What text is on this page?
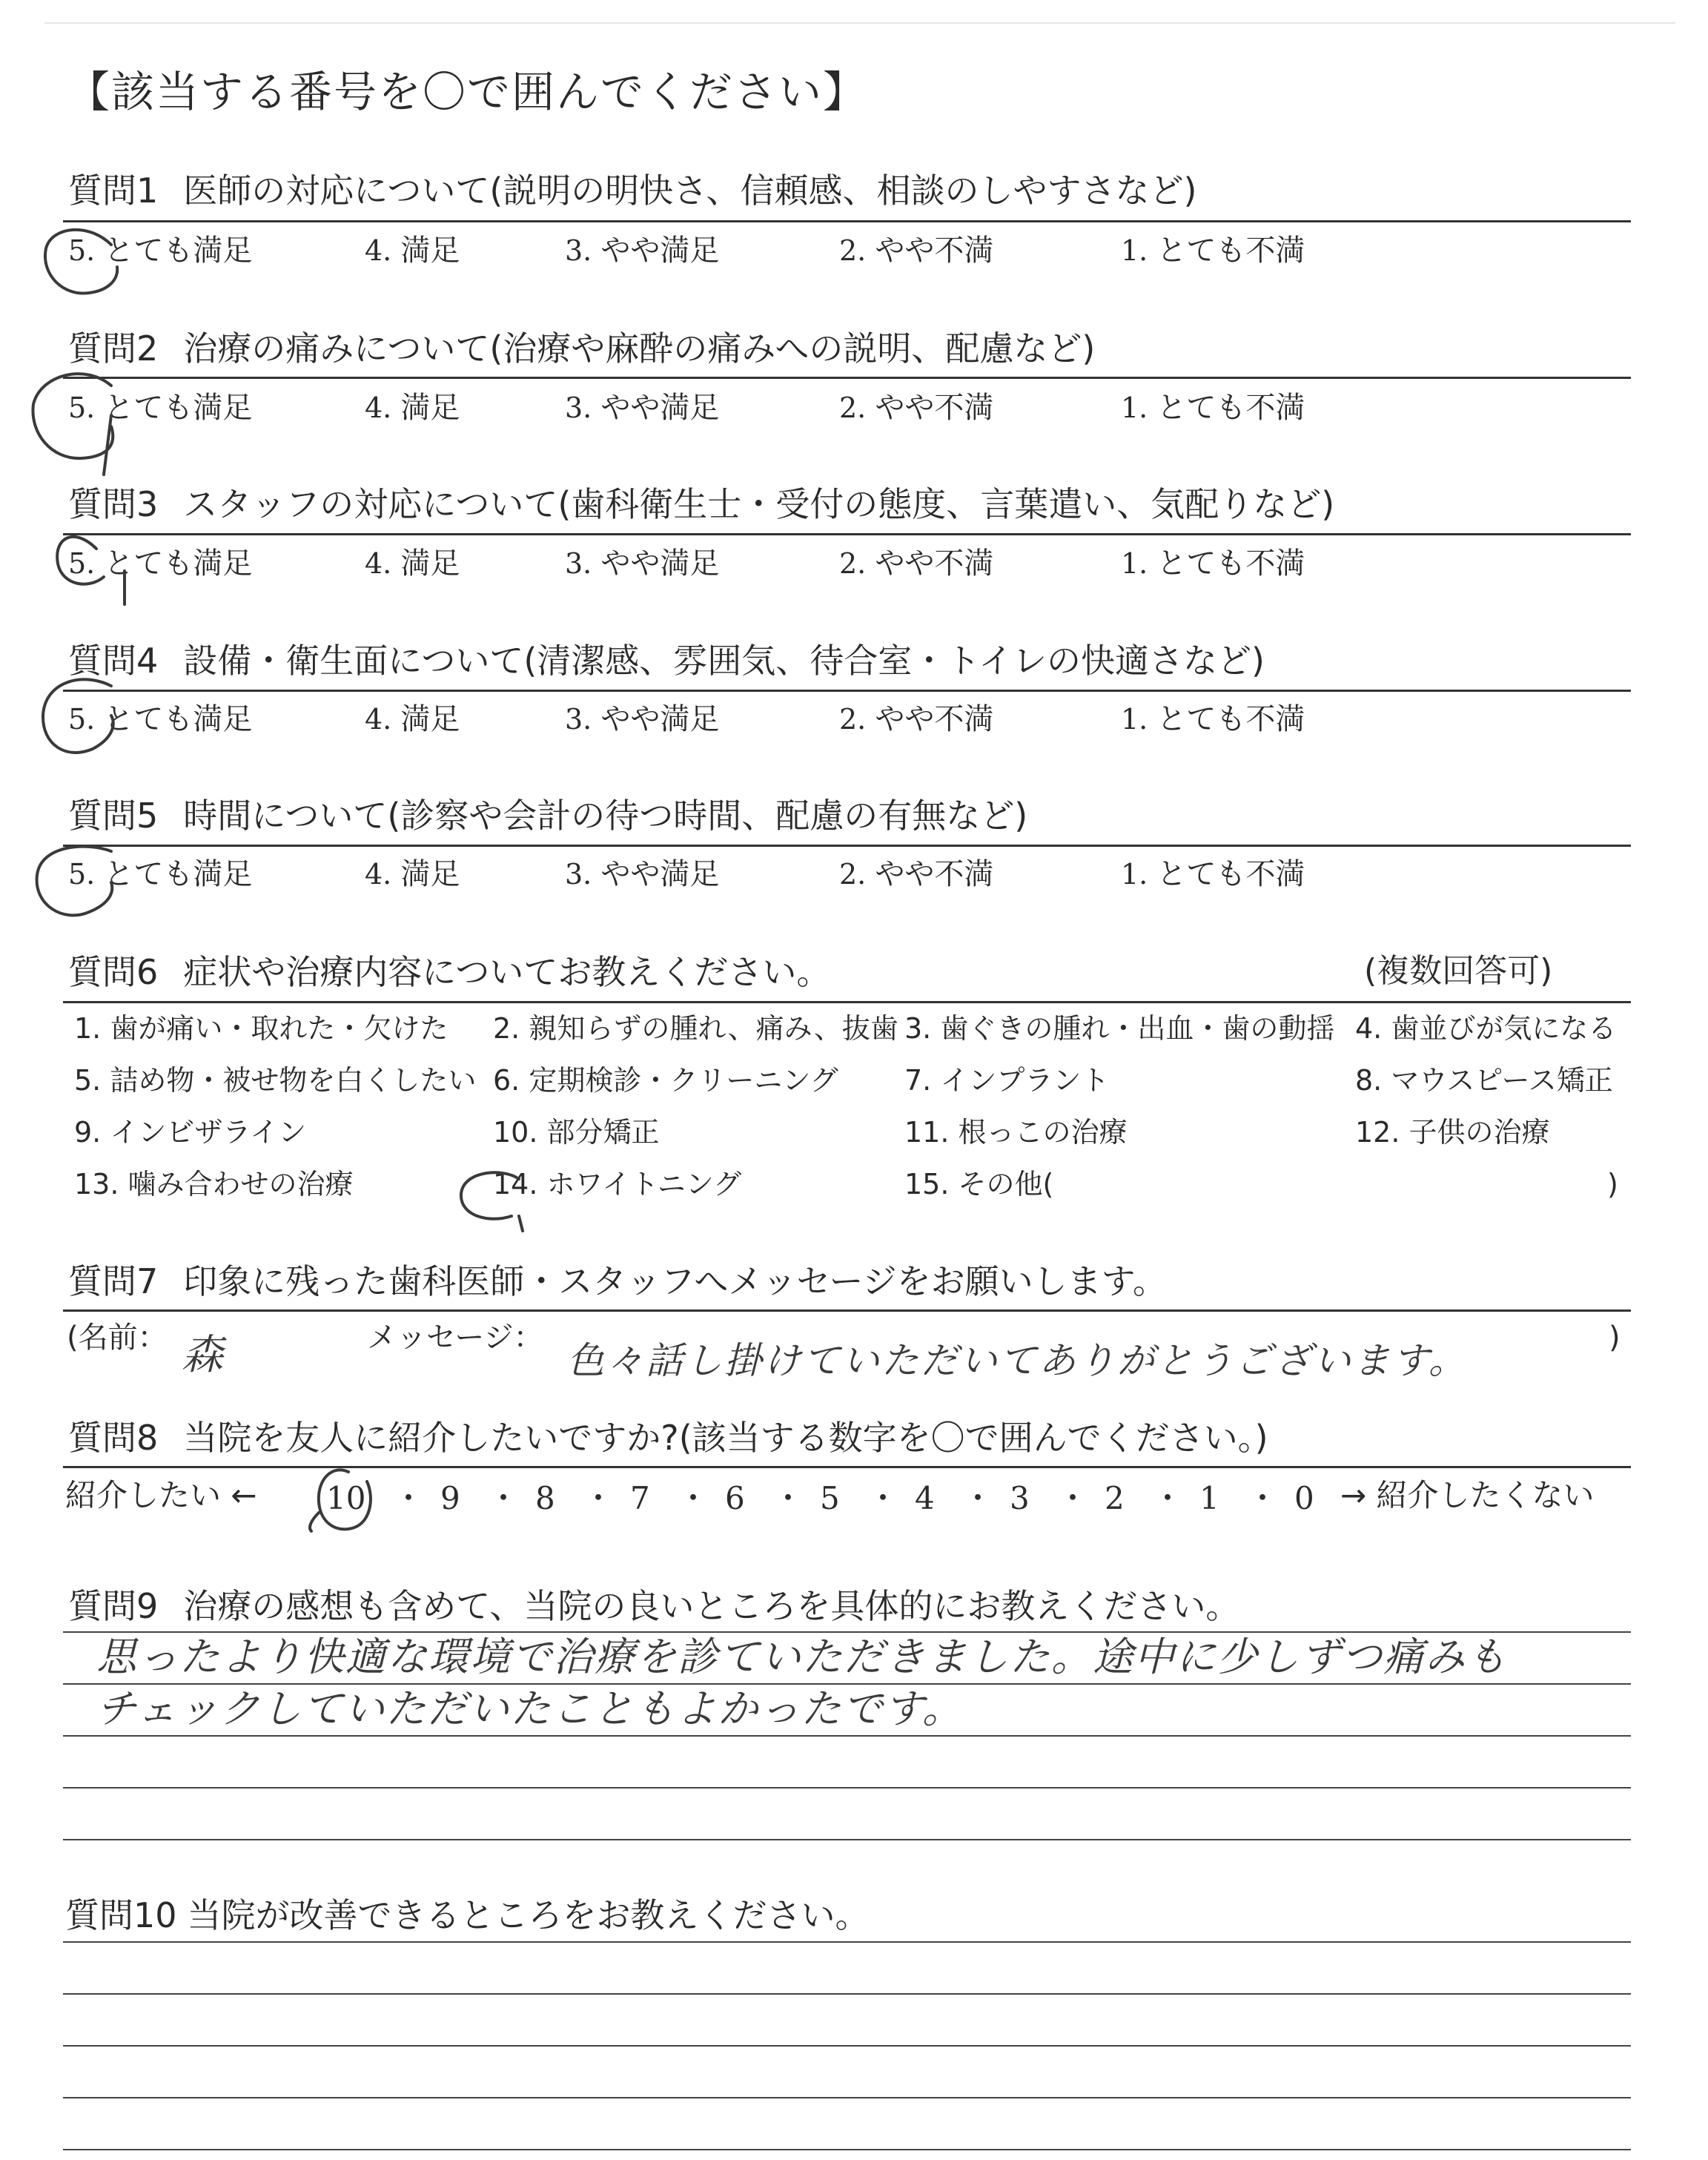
【該当する番号を〇で囲んでください】
質問1 医師の対応について(説明の明快さ、信頼感、相談のしやすさなど)
5. とても満足	4. 満足	3. やや満足	2. やや不満	1. とても不満
質問2 治療の痛みについて(治療や麻酔の痛みへの説明、配慮など)
5. とても満足	4. 満足	3. やや満足	2. やや不満	1. とても不満
質問3 スタッフの対応について(歯科衛生士・受付の態度、言葉遣い、気配りなど)
5. とても満足	4. 満足	3. やや満足	2. やや不満	1. とても不満
質問4 設備・衛生面について(清潔感、雰囲気、待合室・トイレの快適さなど)
5. とても満足	4. 満足	3. やや満足	2. やや不満	1. とても不満
質問5 時間について(診察や会計の待つ時間、配慮の有無など)
5. とても満足	4. 満足	3. やや満足	2. やや不満	1. とても不満
質問6 症状や治療内容についてお教えください。	(複数回答可)
1. 歯が痛い・取れた・欠けた 2. 親知らずの腫れ、痛み、抜歯 3. 歯ぐきの腫れ・出血・歯の動揺 4. 歯並びが気になる
5. 詰め物・被せ物を白くしたい 6. 定期検診・クリーニング 7. インプラント	8. マウスピース矯正
9. インビザライン	10. 部分矯正	11. 根っこの治療	12. 子供の治療
13. 噛み合わせの治療	14. ホワイトニング	15. その他(	)
質問7 印象に残った歯科医師・スタッフへメッセージをお願いします。
(名前： 森	メッセージ：
色々話し掛けていただいてありがとうございます。
)
質問8 当院を友人に紹介したいですか?(該当する数字を〇で囲んでください。)
紹介したい ← 10 ・ 9 ・ 8 ・ 7 ・ 6 ・ 5 ・ 4 ・ 3 ・ 2 ・ 1 ・ 0 → 紹介したくない
質問9 治療の感想も含めて、当院の良いところを具体的にお教えください。
思ったより快適な環境で治療を診ていただきました。途中に少しずつ痛みも
チェックしていただいたこともよかったです。
質問10 当院が改善できるところをお教えください。
